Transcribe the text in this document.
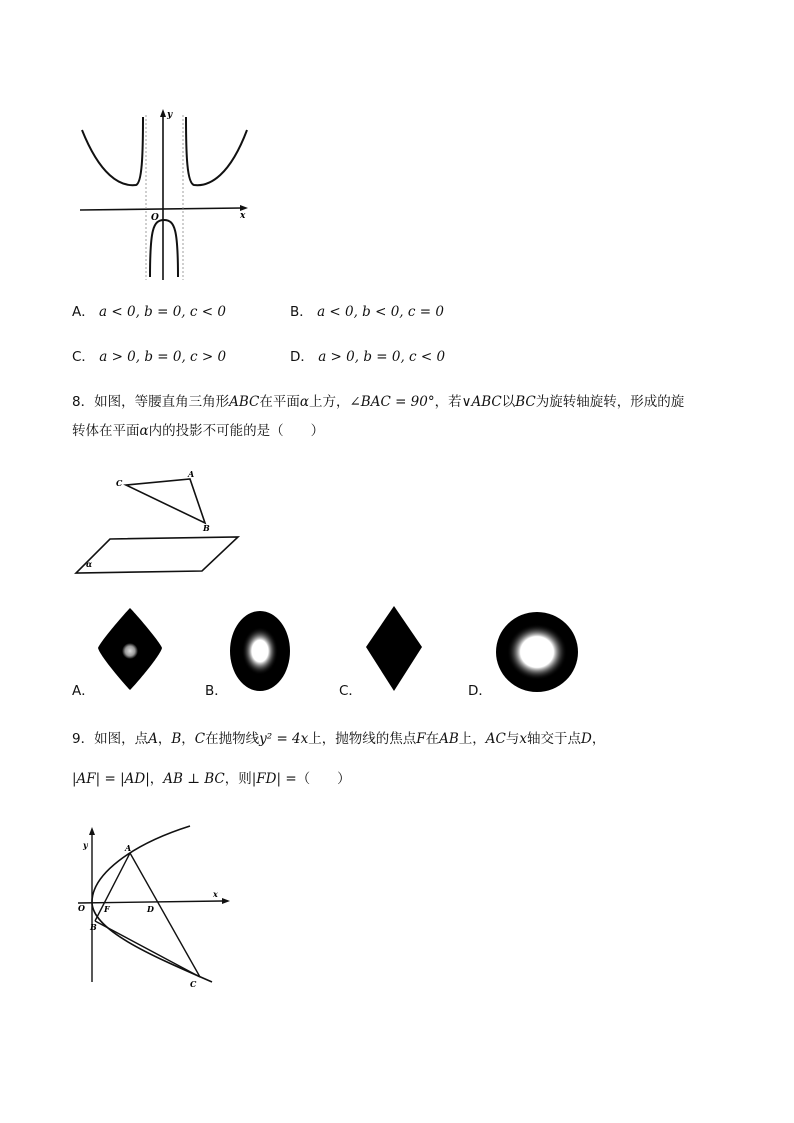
y
O	x
A． a < 0, b = 0, c < 0	B． a < 0, b < 0, c = 0
C． a > 0, b = 0, c > 0	D． a > 0, b = 0, c < 0
8．如图，等腰直角三角形ABC在平面α上方，∠BAC = 90°，若∨ABC以BC为旋转轴旋转，形成的旋
转体在平面α内的投影不可能的是（　　）
C
A
B
α
A．	B．	C．	D．
9．如图，点A，B，C在抛物线y² = 4x上，抛物线的焦点F在AB上，AC与x轴交于点D，
|AF| = |AD|，AB ⊥ BC，则|FD| =（　　）
y	A
x
O F	D
B
C
